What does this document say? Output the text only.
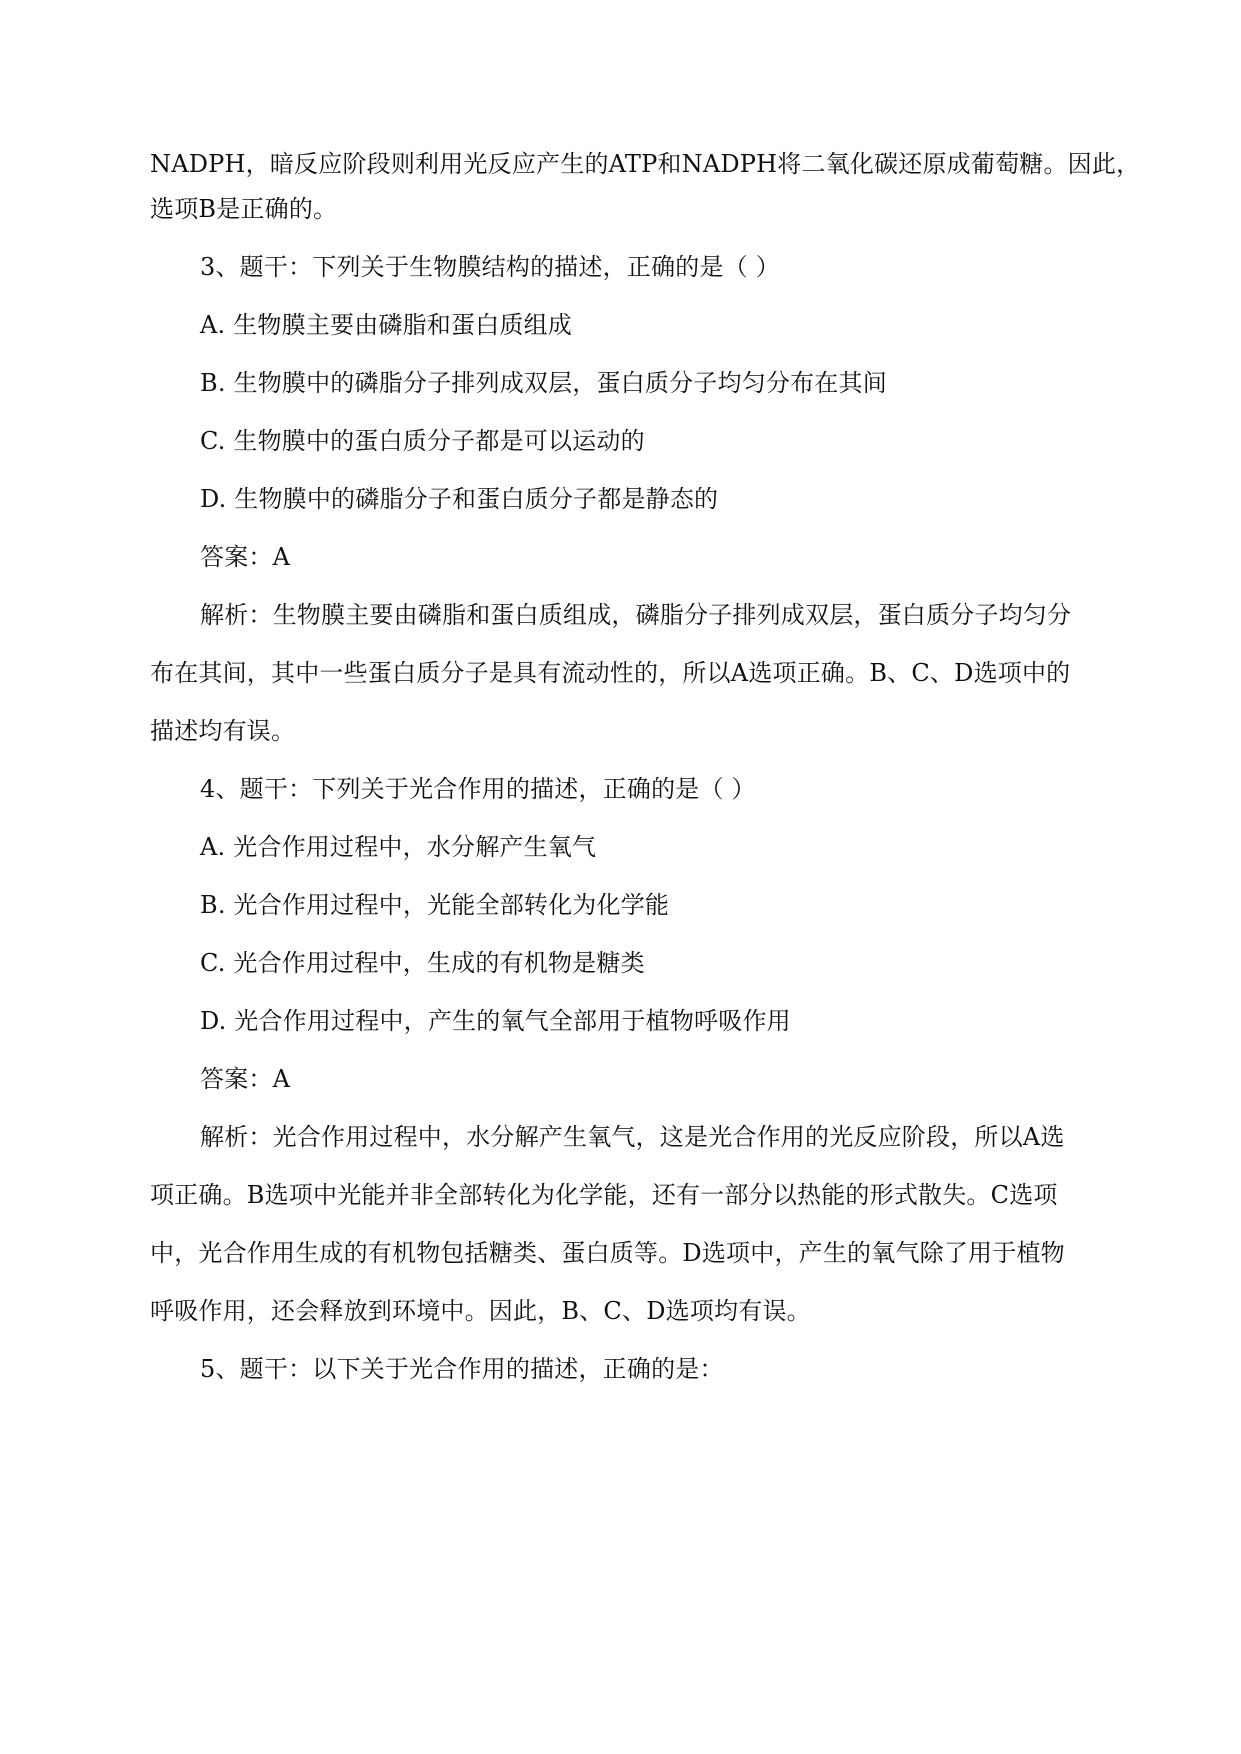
NADPH，暗反应阶段则利用光反应产生的ATP和NADPH将二氧化碳还原成葡萄糖。因此，
选项B是正确的。
3、题干：下列关于生物膜结构的描述，正确的是（ ）
A. 生物膜主要由磷脂和蛋白质组成
B. 生物膜中的磷脂分子排列成双层，蛋白质分子均匀分布在其间
C. 生物膜中的蛋白质分子都是可以运动的
D. 生物膜中的磷脂分子和蛋白质分子都是静态的
答案：A
解析：生物膜主要由磷脂和蛋白质组成，磷脂分子排列成双层，蛋白质分子均匀分
布在其间，其中一些蛋白质分子是具有流动性的，所以A选项正确。B、C、D选项中的
描述均有误。
4、题干：下列关于光合作用的描述，正确的是（ ）
A. 光合作用过程中，水分解产生氧气
B. 光合作用过程中，光能全部转化为化学能
C. 光合作用过程中，生成的有机物是糖类
D. 光合作用过程中，产生的氧气全部用于植物呼吸作用
答案：A
解析：光合作用过程中，水分解产生氧气，这是光合作用的光反应阶段，所以A选
项正确。B选项中光能并非全部转化为化学能，还有一部分以热能的形式散失。C选项
中，光合作用生成的有机物包括糖类、蛋白质等。D选项中，产生的氧气除了用于植物
呼吸作用，还会释放到环境中。因此，B、C、D选项均有误。
5、题干：以下关于光合作用的描述，正确的是：
